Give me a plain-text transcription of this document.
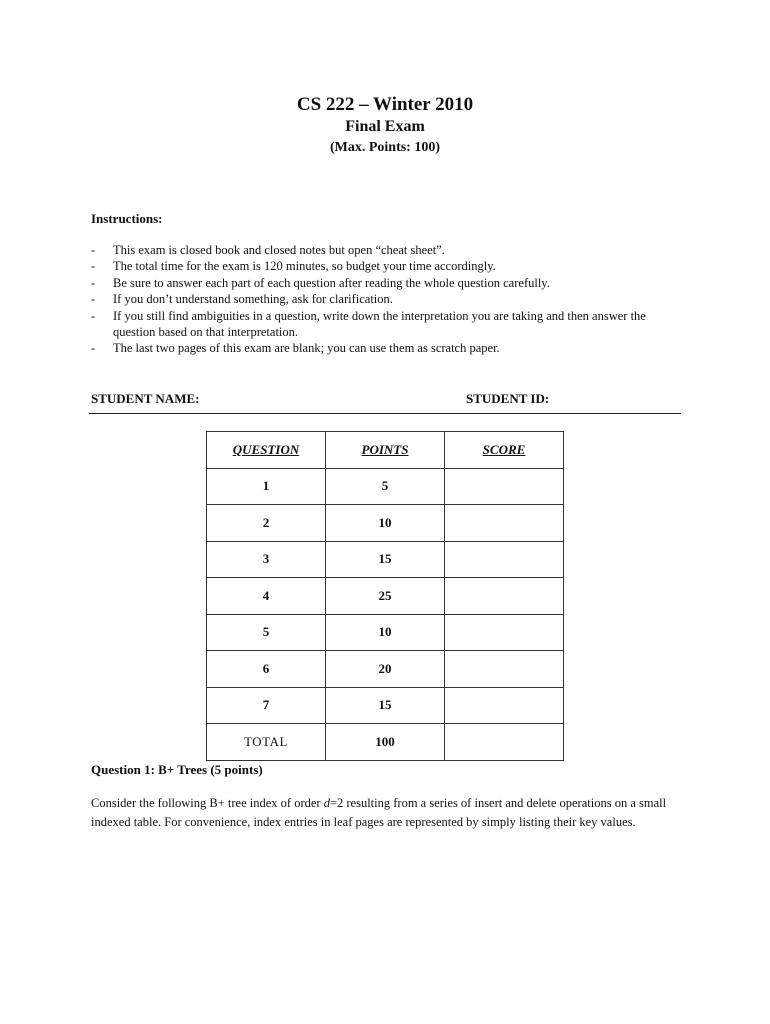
CS 222 – Winter 2010
Final Exam
(Max. Points: 100)
Instructions:
- This exam is closed book and closed notes but open “cheat sheet”.
- The total time for the exam is 120 minutes, so budget your time accordingly.
- Be sure to answer each part of each question after reading the whole question carefully.
- If you don’t understand something, ask for clarification.
- If you still find ambiguities in a question, write down the interpretation you are taking and then answer the question based on that interpretation.
- The last two pages of this exam are blank; you can use them as scratch paper.
STUDENT NAME:	STUDENT ID:
QUESTION	POINTS	SCORE
1	5	
2	10	
3	15	
4	25	
5	10	
6	20	
7	15	
TOTAL	100	
Question 1: B+ Trees (5 points)

Consider the following B+ tree index of order d=2 resulting from a series of insert and delete operations on a small indexed table. For convenience, index entries in leaf pages are represented by simply listing their key values.
